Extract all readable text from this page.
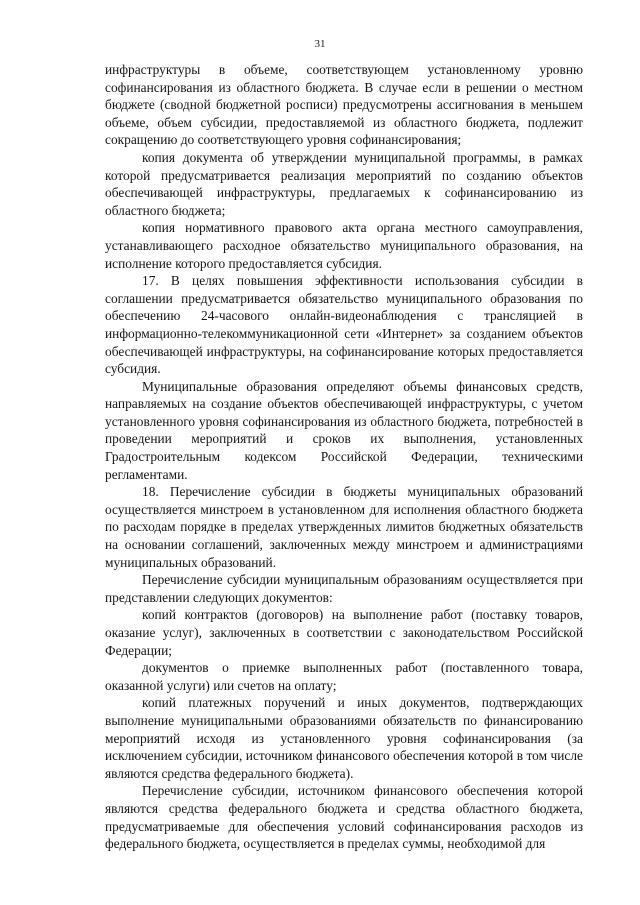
31

инфраструктуры в объеме, соответствующем установленному уровню софинансирования из областного бюджета. В случае если в решении о местном бюджете (сводной бюджетной росписи) предусмотрены ассигнования в меньшем объеме, объем субсидии, предоставляемой из областного бюджета, подлежит сокращению до соответствующего уровня софинансирования;

копия документа об утверждении муниципальной программы, в рамках которой предусматривается реализация мероприятий по созданию объектов обеспечивающей инфраструктуры, предлагаемых к софинансированию из областного бюджета;

копия нормативного правового акта органа местного самоуправления, устанавливающего расходное обязательство муниципального образования, на исполнение которого предоставляется субсидия.

17. В целях повышения эффективности использования субсидии в соглашении предусматривается обязательство муниципального образования по обеспечению 24-часового онлайн-видеонаблюдения с трансляцией в информационно-телекоммуникационной сети «Интернет» за созданием объектов обеспечивающей инфраструктуры, на софинансирование которых предоставляется субсидия.

Муниципальные образования определяют объемы финансовых средств, направляемых на создание объектов обеспечивающей инфраструктуры, с учетом установленного уровня софинансирования из областного бюджета, потребностей в проведении мероприятий и сроков их выполнения, установленных Градостроительным кодексом Российской Федерации, техническими регламентами.

18. Перечисление субсидии в бюджеты муниципальных образований осуществляется минстроем в установленном для исполнения областного бюджета по расходам порядке в пределах утвержденных лимитов бюджетных обязательств на основании соглашений, заключенных между минстроем и администрациями муниципальных образований.

Перечисление субсидии муниципальным образованиям осуществляется при представлении следующих документов:

копий контрактов (договоров) на выполнение работ (поставку товаров, оказание услуг), заключенных в соответствии с законодательством Российской Федерации;

документов о приемке выполненных работ (поставленного товара, оказанной услуги) или счетов на оплату;

копий платежных поручений и иных документов, подтверждающих выполнение муниципальными образованиями обязательств по финансированию мероприятий исходя из установленного уровня софинансирования (за исключением субсидии, источником финансового обеспечения которой в том числе являются средства федерального бюджета).

Перечисление субсидии, источником финансового обеспечения которой являются средства федерального бюджета и средства областного бюджета, предусматриваемые для обеспечения условий софинансирования расходов из федерального бюджета, осуществляется в пределах суммы, необходимой для
